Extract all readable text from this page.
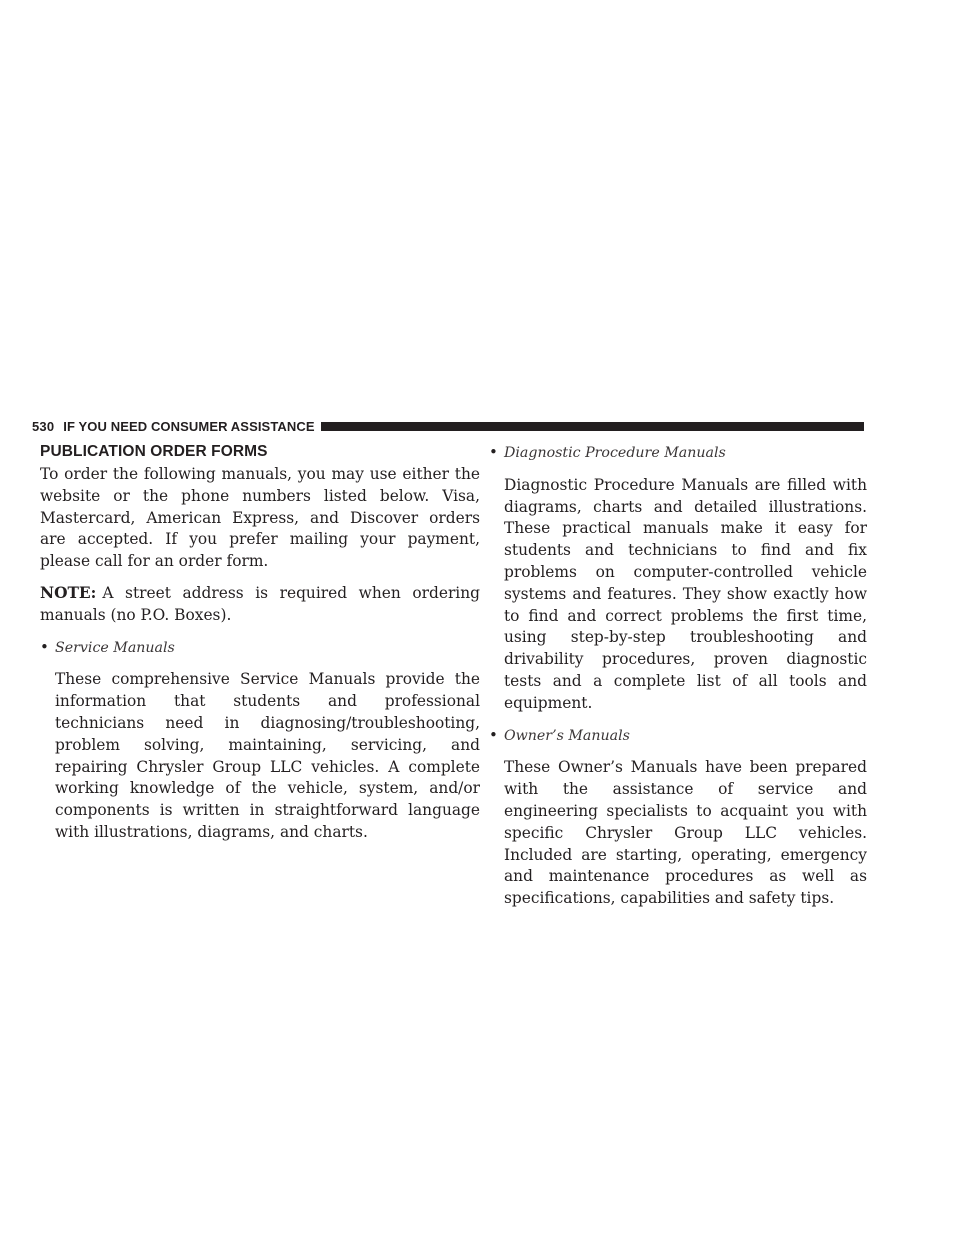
530 IF YOU NEED CONSUMER ASSISTANCE
PUBLICATION ORDER FORMS

To order the following manuals, you may use either the website or the phone numbers listed below. Visa, Mastercard, American Express, and Discover orders are accepted. If you prefer mailing your payment, please call for an order form.

NOTE: A street address is required when ordering manuals (no P.O. Boxes).

• Service Manuals

These comprehensive Service Manuals provide the information that students and professional technicians need in diagnosing/troubleshooting, problem solving, maintaining, servicing, and repairing Chrysler Group LLC vehicles. A complete working knowledge of the vehicle, system, and/or components is written in straightforward language with illustrations, diagrams, and charts.

• Diagnostic Procedure Manuals

Diagnostic Procedure Manuals are filled with diagrams, charts and detailed illustrations. These practical manuals make it easy for students and technicians to find and fix problems on computer-controlled vehicle systems and features. They show exactly how to find and correct problems the first time, using step-by-step troubleshooting and drivability procedures, proven diagnostic tests and a complete list of all tools and equipment.

• Owner’s Manuals

These Owner’s Manuals have been prepared with the assistance of service and engineering specialists to acquaint you with specific Chrysler Group LLC vehicles. Included are starting, operating, emergency and maintenance procedures as well as specifications, capabilities and safety tips.
